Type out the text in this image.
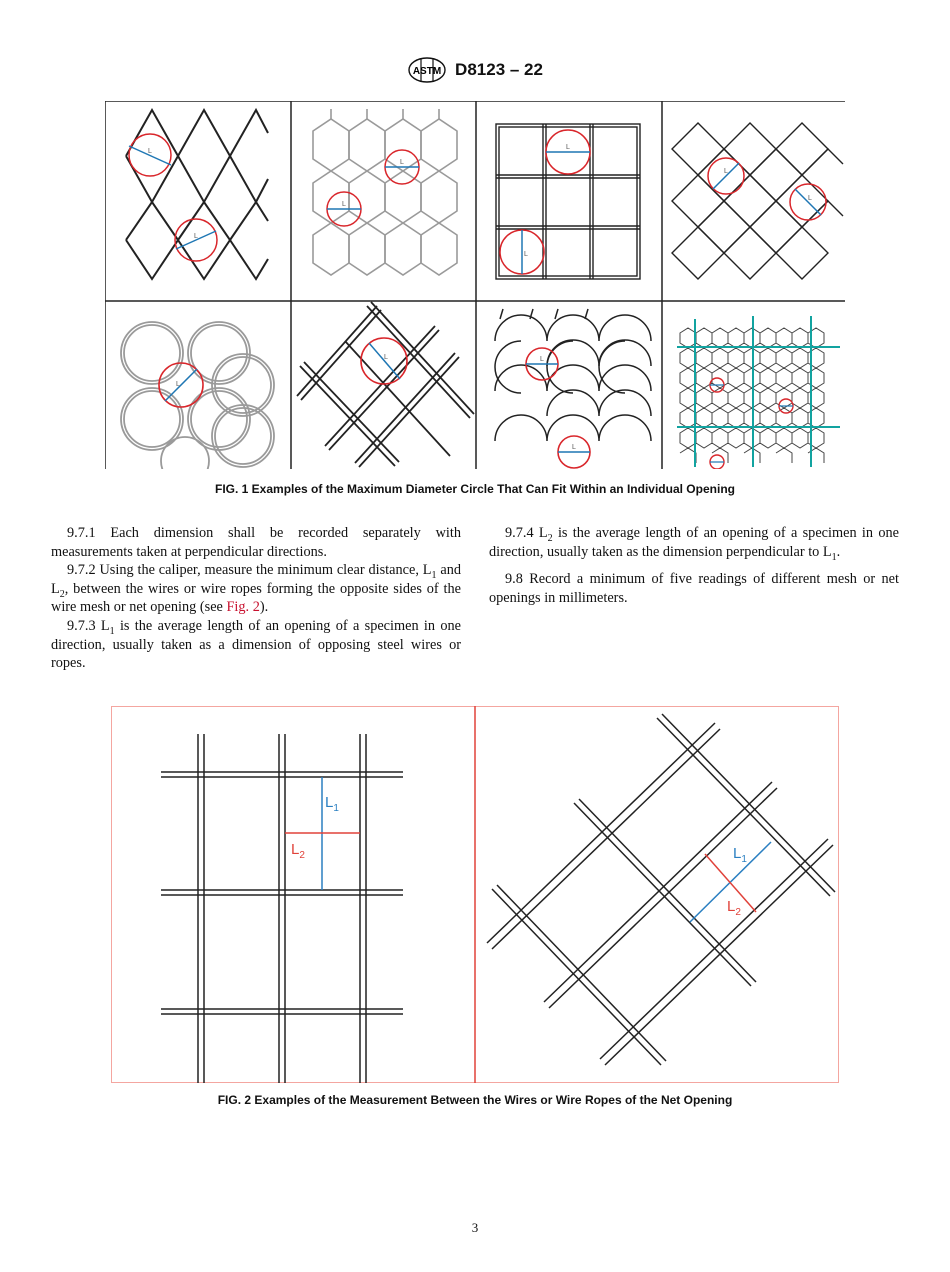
ASTM D8123 – 22
L
L
L
L
L
L
L
L
L
L	L
L
FIG. 1 Examples of the Maximum Diameter Circle That Can Fit Within an Individual Opening

9.7.1 Each dimension shall be recorded separately with measurements taken at perpendicular directions.

9.7.2 Using the caliper, measure the minimum clear distance, $L_1$ and $L_2$, between the wires or wire ropes forming the opposite sides of the wire mesh or net opening (see Fig. 2).

9.7.3 $L_1$ is the average length of an opening of a specimen in one direction, usually taken as a dimension of opposing steel wires or ropes.

9.7.4 $L_2$ is the average length of an opening of a specimen in one direction, usually taken as the dimension perpendicular to $L_1$.

9.8 Record a minimum of five readings of different mesh or net openings in millimeters.

$L_1$
$L_2$	$L_1$
$L_2$
FIG. 2 Examples of the Measurement Between the Wires or Wire Ropes of the Net Opening
3
